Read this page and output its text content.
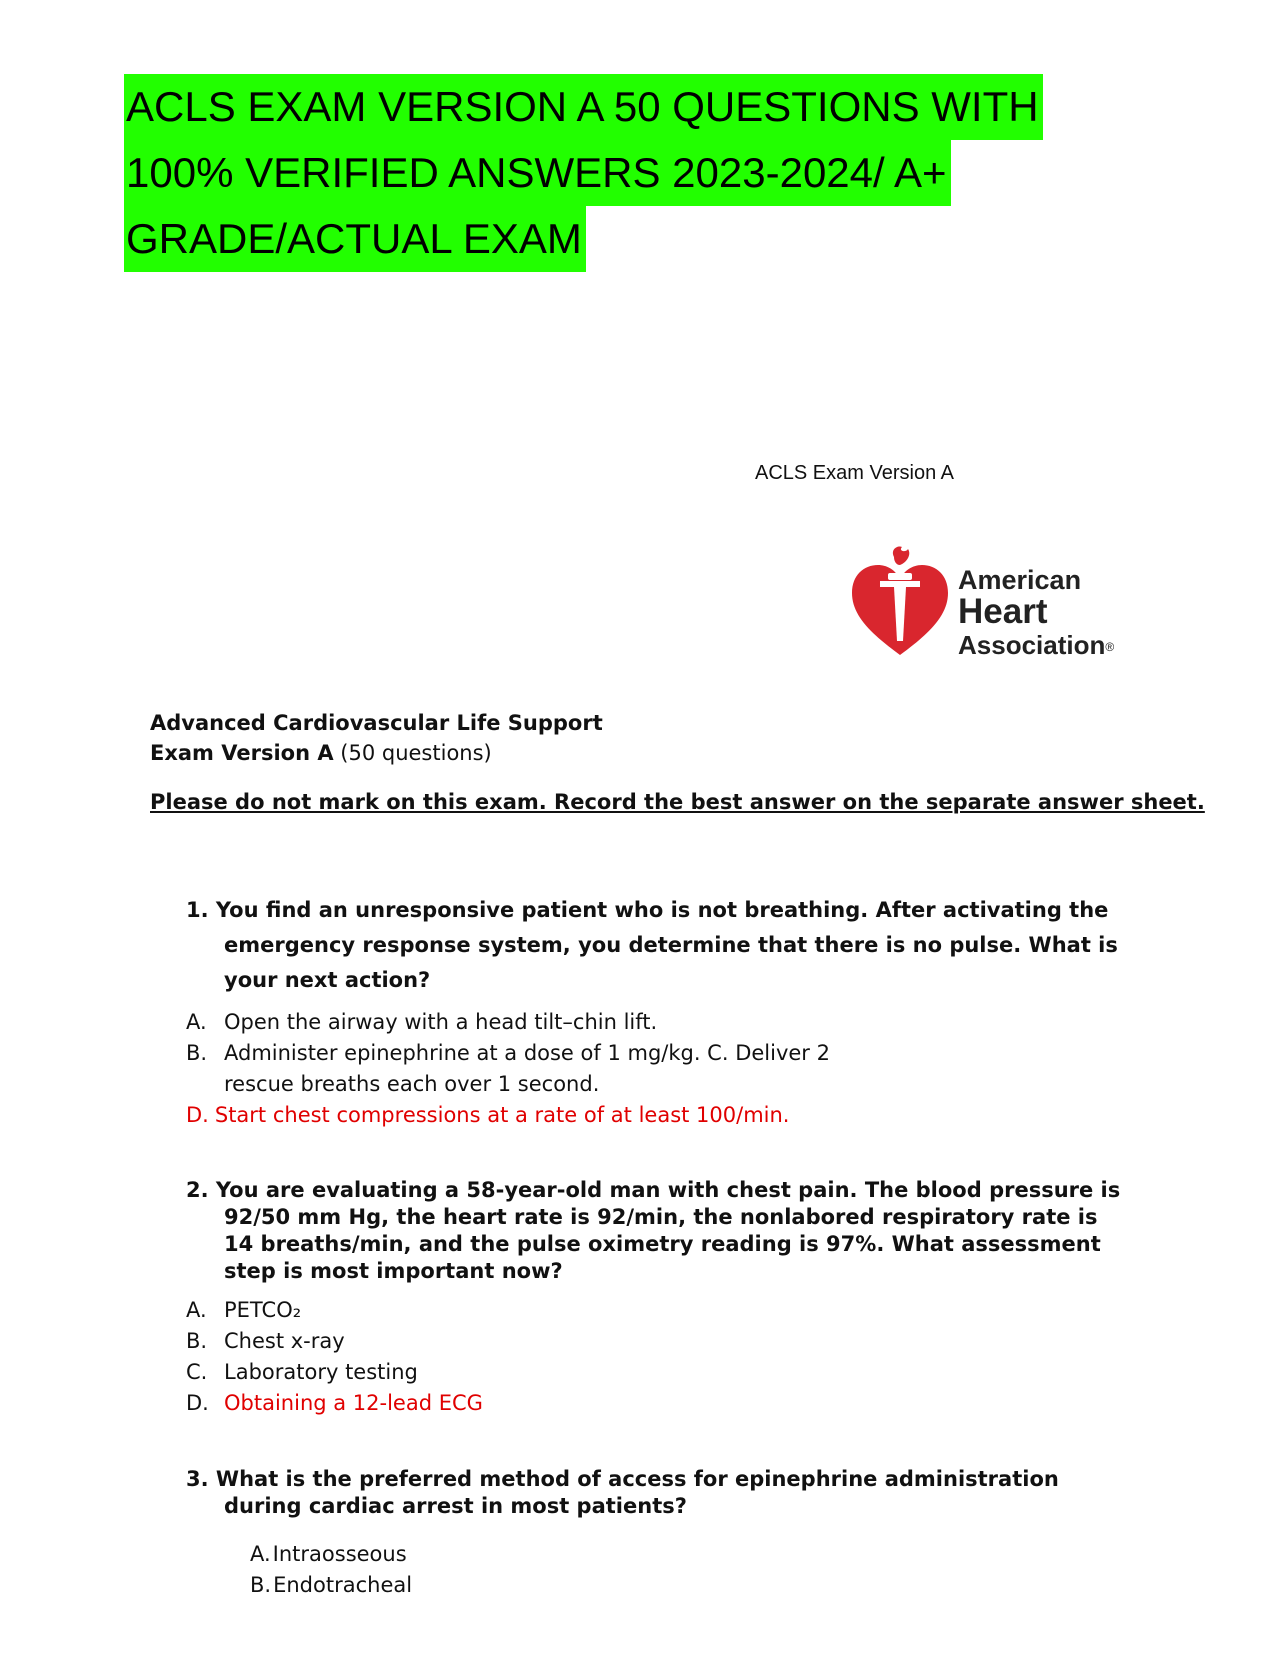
ACLS EXAM VERSION A 50 QUESTIONS WITH
100% VERIFIED ANSWERS 2023-2024/ A+
GRADE/ACTUAL EXAM
ACLS Exam Version A
American
Heart
Association®
Advanced Cardiovascular Life Support
Exam Version A (50 questions)
Please do not mark on this exam. Record the best answer on the separate answer sheet.
1. You find an unresponsive patient who is not breathing. After activating the emergency response system, you determine that there is no pulse. What is your next action?
A. Open the airway with a head tilt–chin lift.
B. Administer epinephrine at a dose of 1 mg/kg. C. Deliver 2 rescue breaths each over 1 second.
D. Start chest compressions at a rate of at least 100/min.
2. You are evaluating a 58-year-old man with chest pain. The blood pressure is 92/50 mm Hg, the heart rate is 92/min, the nonlabored respiratory rate is 14 breaths/min, and the pulse oximetry reading is 97%. What assessment step is most important now?
A. PETCO₂
B. Chest x-ray
C. Laboratory testing
D. Obtaining a 12-lead ECG
3. What is the preferred method of access for epinephrine administration during cardiac arrest in most patients?
A.Intraosseous
B.Endotracheal
